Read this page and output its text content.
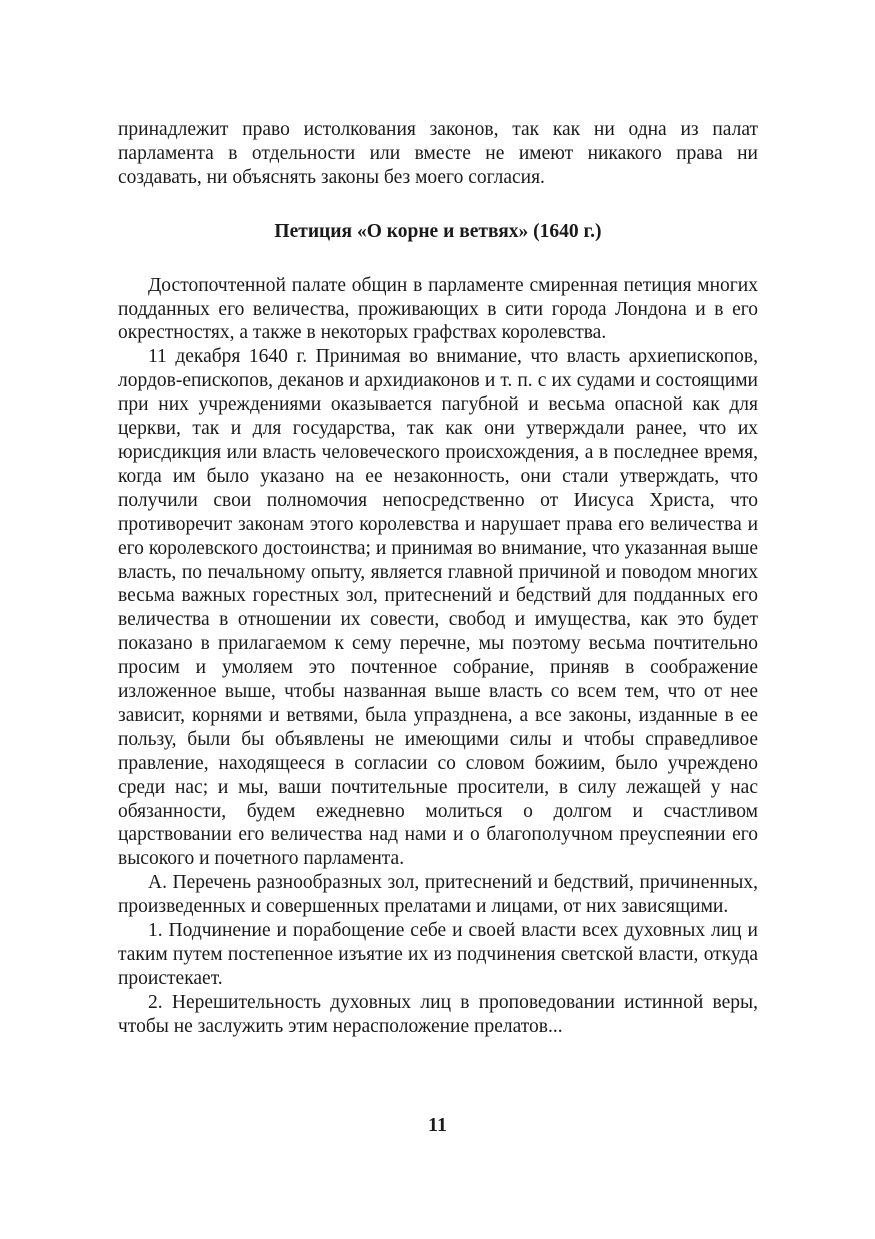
принадлежит право истолкования законов, так как ни одна из палат парламента в отдельности или вместе не имеют никакого права ни создавать, ни объяснять законы без моего согласия.

Петиция «О корне и ветвях» (1640 г.)

Достопочтенной палате общин в парламенте смиренная петиция многих подданных его величества, проживающих в сити города Лондона и в его окрестностях, а также в некоторых графствах королевства.

11 декабря 1640 г. Принимая во внимание, что власть архиепископов, лордов-епископов, деканов и архидиаконов и т. п. с их судами и состоящими при них учреждениями оказывается пагубной и весьма опасной как для церкви, так и для государства, так как они утверждали ранее, что их юрисдикция или власть человеческого происхождения, а в последнее время, когда им было указано на ее незаконность, они стали утверждать, что получили свои полномочия непосредственно от Иисуса Христа, что противоречит законам этого королевства и нарушает права его величества и его королевского достоинства; и принимая во внимание, что указанная выше власть, по печальному опыту, является главной причиной и поводом многих весьма важных горестных зол, притеснений и бедствий для подданных его величества в отношении их совести, свобод и имущества, как это будет показано в прилагаемом к сему перечне, мы поэтому весьма почтительно просим и умоляем это почтенное собрание, приняв в соображение изложенное выше, чтобы названная выше власть со всем тем, что от нее зависит, корнями и ветвями, была упразднена, а все законы, изданные в ее пользу, были бы объявлены не имеющими силы и чтобы справедливое правление, находящееся в согласии со словом божиим, было учреждено среди нас; и мы, ваши почтительные просители, в силу лежащей у нас обязанности, будем ежедневно молиться о долгом и счастливом царствовании его величества над нами и о благополучном преуспеянии его высокого и почетного парламента.

А. Перечень разнообразных зол, притеснений и бедствий, причиненных, произведенных и совершенных прелатами и лицами, от них зависящими.

1. Подчинение и порабощение себе и своей власти всех духовных лиц и таким путем постепенное изъятие их из подчинения светской власти, откуда проистекает.

2. Нерешительность духовных лиц в проповедовании истинной веры, чтобы не заслужить этим нерасположение прелатов...

11
